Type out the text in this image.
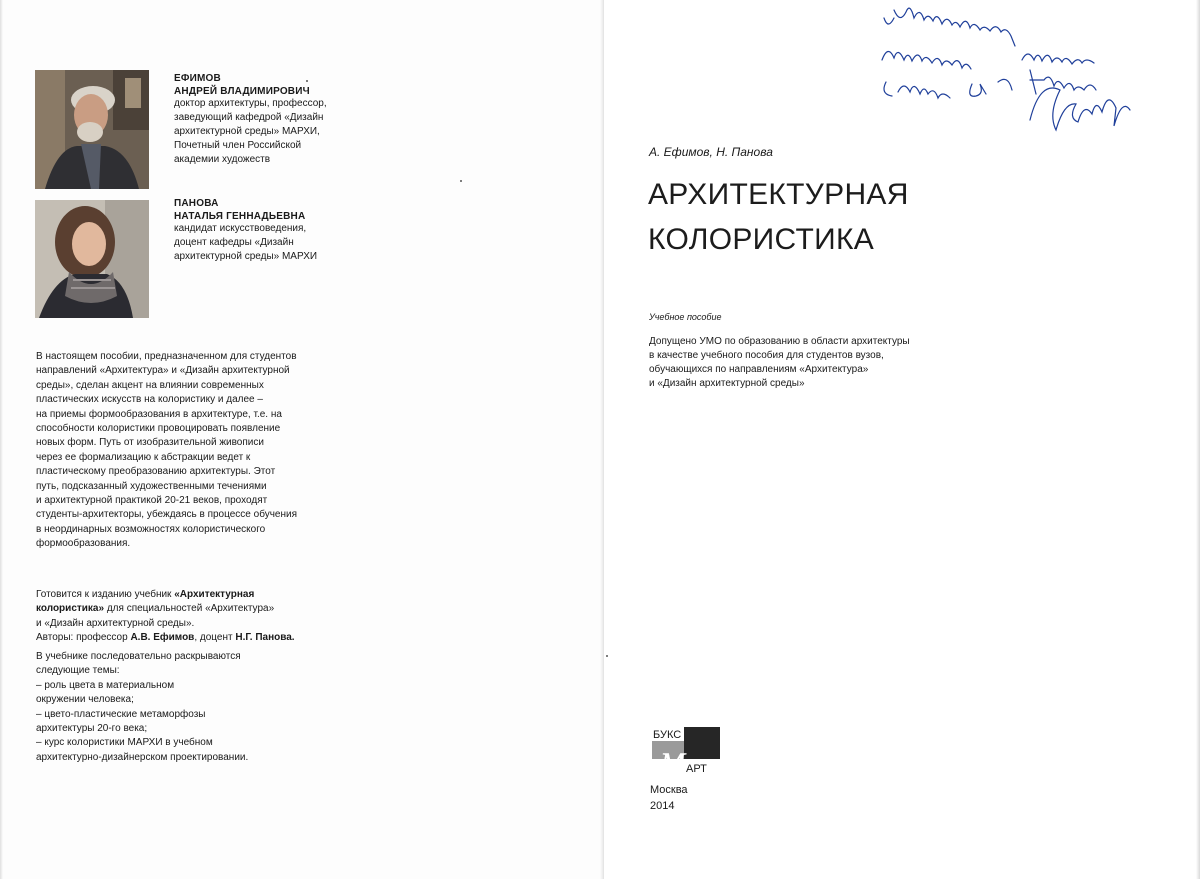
ЕФИМОВ
АНДРЕЙ ВЛАДИМИРОВИЧ
доктор архитектуры, профессор,
заведующий кафедрой «Дизайн
архитектурной среды» МАРХИ,
Почетный член Российской
академии художеств
ПАНОВА
НАТАЛЬЯ ГЕННАДЬЕВНА
кандидат искусствоведения,
доцент кафедры «Дизайн
архитектурной среды» МАРХИ
В настоящем пособии, предназначенном для студентов
направлений «Архитектура» и «Дизайн архитектурной
среды», сделан акцент на влиянии современных
пластических искусств на колористику и далее –
на приемы формообразования в архитектуре, т.е. на
способности колористики провоцировать появление
новых форм. Путь от изобразительной живописи
через ее формализацию к абстракции ведет к
пластическому преобразованию архитектуры. Этот
путь, подсказанный художественными течениями
и архитектурной практикой 20-21 веков, проходят
студенты-архитекторы, убеждаясь в процессе обучения
в неординарных возможностях колористического
формообразования.
Готовится к изданию учебник «Архитектурная
колористика» для специальностей «Архитектура»
и «Дизайн архитектурной среды».
Авторы: профессор А.В. Ефимов, доцент Н.Г. Панова.
В учебнике последовательно раскрываются
следующие темы:
– роль цвета в материальном
окружении человека;
– цвето-пластические метаморфозы
архитектуры 20-го века;
– курс колористики МАРХИ в учебном
архитектурно-дизайнерском проектировании.
А. Ефимов, Н. Панова
АРХИТЕКТУРНАЯ
КОЛОРИСТИКА
Учебное пособие
Допущено УМО по образованию в области архитектуры
в качестве учебного пособия для студентов вузов,
обучающихся по направлениям «Архитектура»
и «Дизайн архитектурной среды»
БУКС
М АРТ
Москва
2014
